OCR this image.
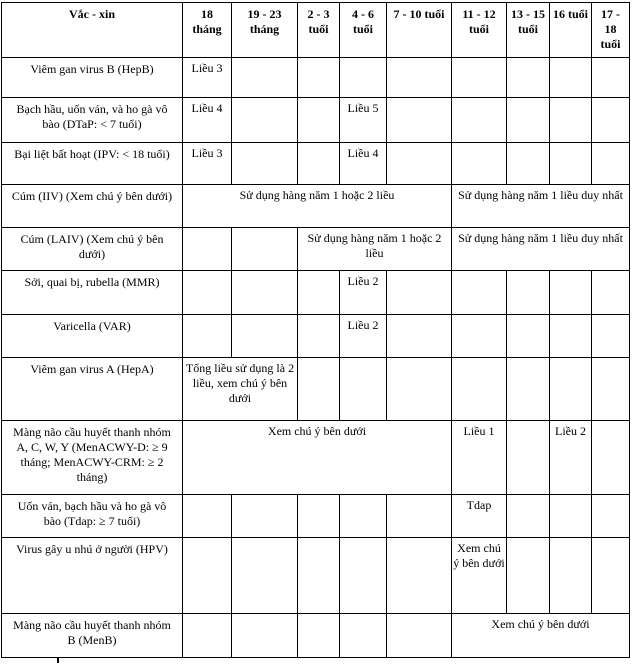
Vắc - xin	18 tháng	19 - 23 tháng	2 - 3 tuổi	4 - 6 tuổi	7 - 10 tuổi	11 - 12 tuổi	13 - 15 tuổi	16 tuổi	17 - 18 tuổi
Viêm gan virus B (HepB)	Liều 3								
Bạch hầu, uốn ván, và ho gà vô bào (DTaP: < 7 tuổi)	Liều 4			Liều 5					
Bại liệt bất hoạt (IPV: < 18 tuổi)	Liều 3			Liều 4					
Cúm (IIV) (Xem chú ý bên dưới)	Sử dụng hàng năm 1 hoặc 2 liều					Sử dụng hàng năm 1 liều duy nhất			
Cúm (LAIV) (Xem chú ý bên dưới)			Sử dụng hàng năm 1 hoặc 2 liều			Sử dụng hàng năm 1 liều duy nhất			
Sởi, quai bị, rubella (MMR)				Liều 2					
Varicella (VAR)				Liều 2					
Viêm gan virus A (HepA)	Tổng liều sử dụng là 2 liều, xem chú ý bên dưới								
Màng não cầu huyết thanh nhóm A, C, W, Y (MenACWY-D: ≥ 9 tháng; MenACWY-CRM: ≥ 2 tháng)	Xem chú ý bên dưới					Liều 1		Liều 2	
Uốn ván, bạch hầu và ho gà vô bào (Tdap: ≥ 7 tuổi)						Tdap			
Virus gây u nhú ở người (HPV)						Xem chú ý bên dưới			
Màng não cầu huyết thanh nhóm B (MenB)						Xem chú ý bên dưới			
